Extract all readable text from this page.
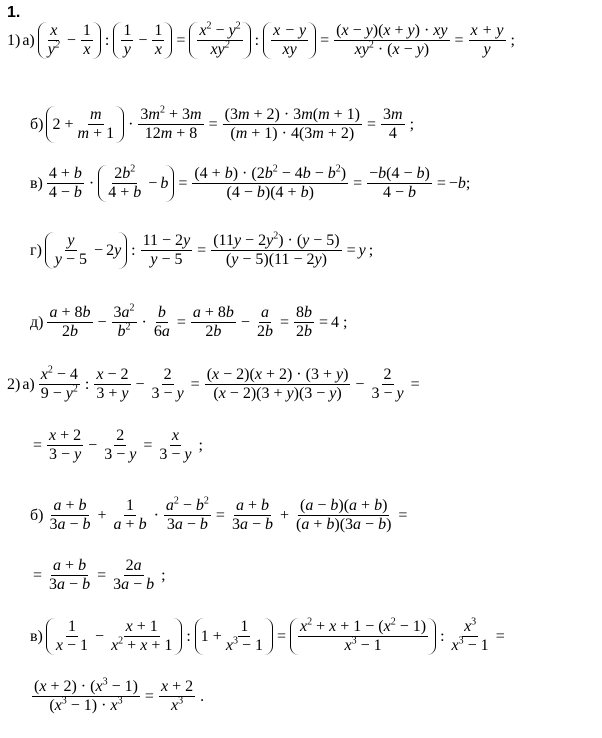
1.
1) $а) \frac{x}{y^2} - \frac{1}{x}$ : $\frac{1}{y} - \frac{1}{x} = \frac{x^2 - y^2}{xy^2}$ : $\frac{x - y}{xy} = \frac{(x - y)(x + y) \cdot xy}{xy^2 \cdot (x - y)} = \frac{x + y}{y}$ ;
б) $2 + \frac{m}{m + 1} \cdot \frac{3m^2 + 3m}{12m + 8} = \frac{(3m + 2) \cdot 3m(m + 1)}{(m + 1) \cdot 4(3m + 2)} = \frac{3m}{4}$ ;
$в) \frac{4 + b}{4 - b} \cdot \frac{2b^2}{4 + b} - b = \frac{(4 + b) \cdot (2b^2 - 4b - b^2)}{(4 - b)(4 + b)} = \frac{-b(4 - b)}{4 - b} = -b$;
$г) \frac{y}{y - 5} - 2y$ : $\frac{11 - 2y}{y - 5} = \frac{(11y - 2y^2) \cdot (y - 5)}{(y - 5)(11 - 2y)} = y$ ;
$д) \frac{a + 8b}{2b} - \frac{3a^2}{b^2} \cdot \frac{b}{6a} = \frac{a + 8b}{2b} - \frac{a}{2b} = \frac{8b}{2b} = 4$ ;
2) $а) \frac{x^2 - 4}{9 - y^2}$ : $\frac{x - 2}{3 + y} - \frac{2}{3 - y} = \frac{(x - 2)(x + 2) \cdot (3 + y)}{(x - 2)(3 + y)(3 - y)} - \frac{2}{3 - y}$ =
= $\frac{x + 2}{3 - y} - \frac{2}{3 - y} = \frac{x}{3 - y}$ ;
$б) \frac{a + b}{3a - b} + \frac{1}{a + b} \cdot \frac{a^2 - b^2}{3a - b} = \frac{a + b}{3a - b} + \frac{(a - b)(a + b)}{(a + b)(3a - b)}$ =
= $\frac{a + b}{3a - b} = \frac{2a}{3a - b}$ ;
$в) \frac{1}{x - 1} - \frac{x + 1}{x^2 + x + 1}$ : $1 + \frac{1}{x^3 - 1} = \frac{x^2 + x + 1 - (x^2 - 1)}{x^3 - 1}$ : $\frac{x^3}{x^3 - 1}$ =
$\frac{(x + 2) \cdot (x^3 - 1)}{(x^3 - 1) \cdot x^3} = \frac{x + 2}{x^3}$ .
